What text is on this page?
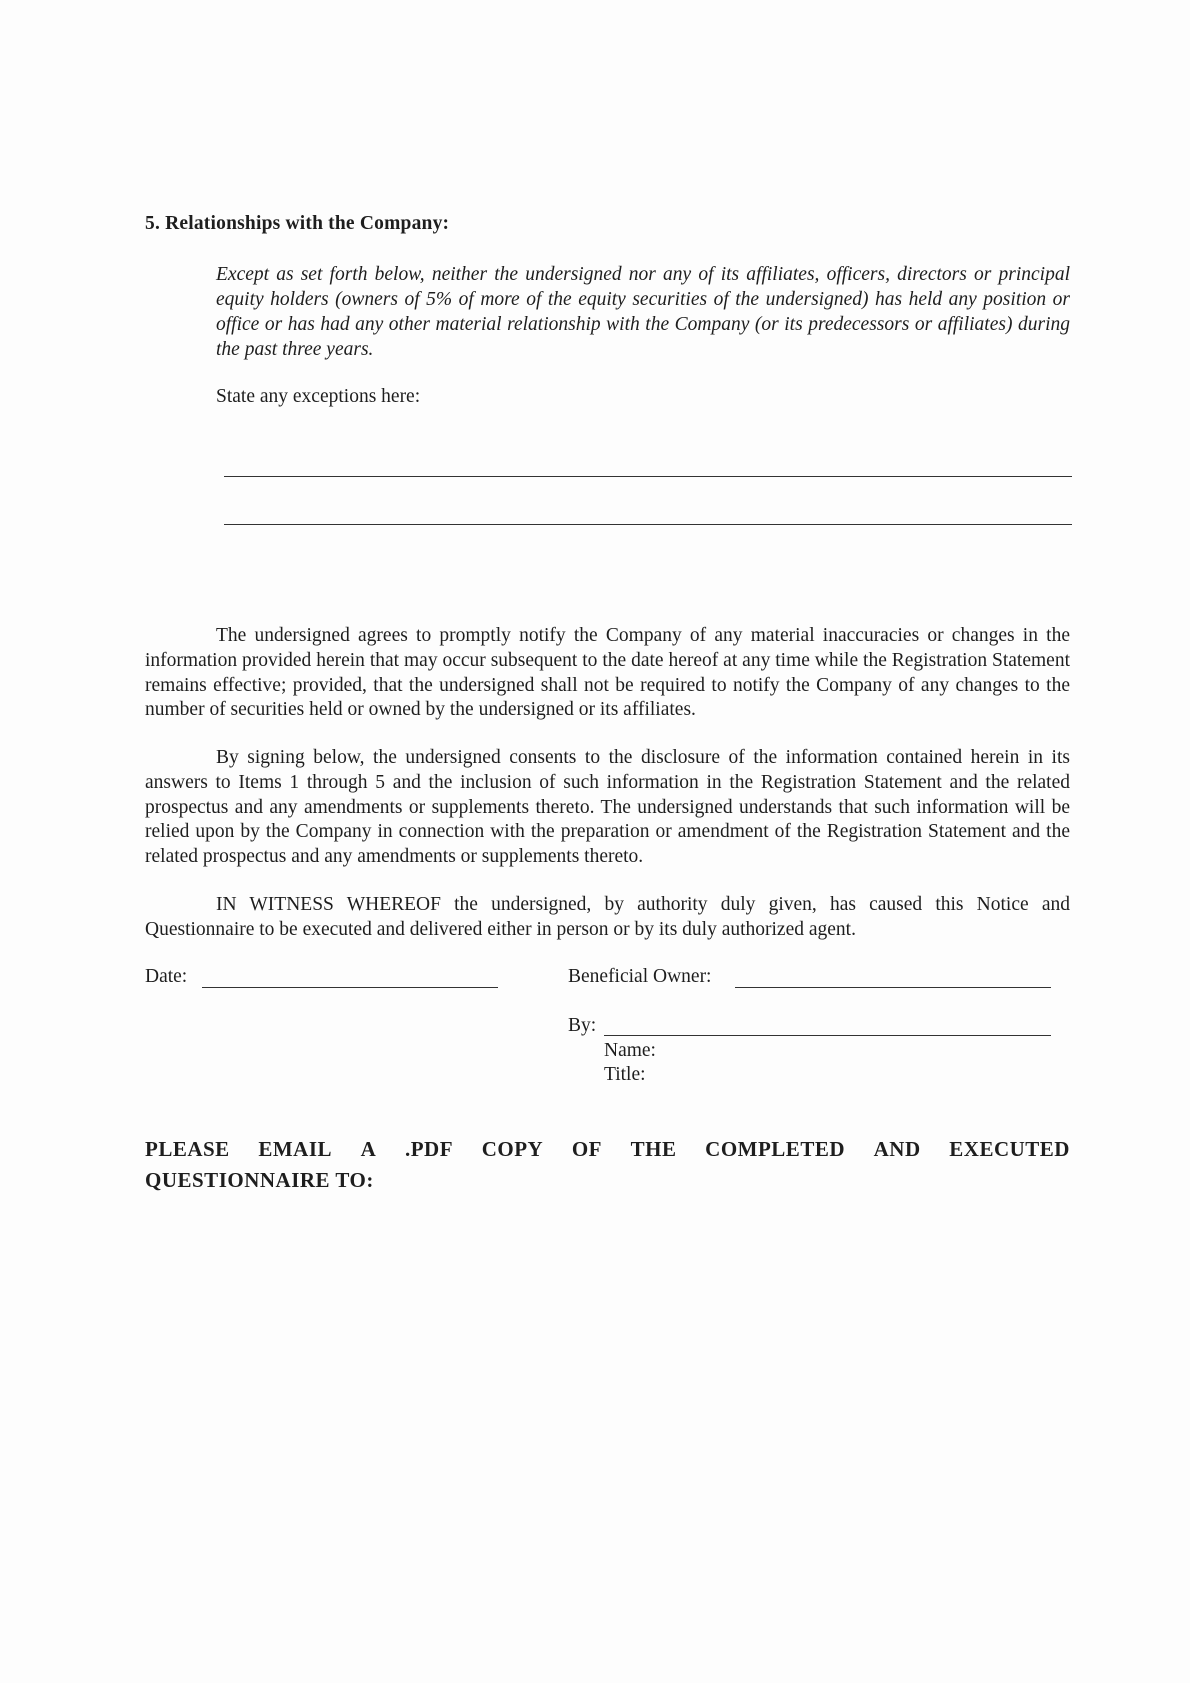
5. Relationships with the Company:
Except as set forth below, neither the undersigned nor any of its affiliates, officers, directors or principal equity holders (owners of 5% of more of the equity securities of the undersigned) has held any position or office or has had any other material relationship with the Company (or its predecessors or affiliates) during the past three years.
State any exceptions here:
The undersigned agrees to promptly notify the Company of any material inaccuracies or changes in the information provided herein that may occur subsequent to the date hereof at any time while the Registration Statement remains effective; provided, that the undersigned shall not be required to notify the Company of any changes to the number of securities held or owned by the undersigned or its affiliates.
By signing below, the undersigned consents to the disclosure of the information contained herein in its answers to Items 1 through 5 and the inclusion of such information in the Registration Statement and the related prospectus and any amendments or supplements thereto. The undersigned understands that such information will be relied upon by the Company in connection with the preparation or amendment of the Registration Statement and the related prospectus and any amendments or supplements thereto.
IN WITNESS WHEREOF the undersigned, by authority duly given, has caused this Notice and Questionnaire to be executed and delivered either in person or by its duly authorized agent.
Date:	Beneficial Owner:
By:
Name:
Title:
PLEASE EMAIL A .PDF COPY OF THE COMPLETED AND EXECUTED
QUESTIONNAIRE TO:
